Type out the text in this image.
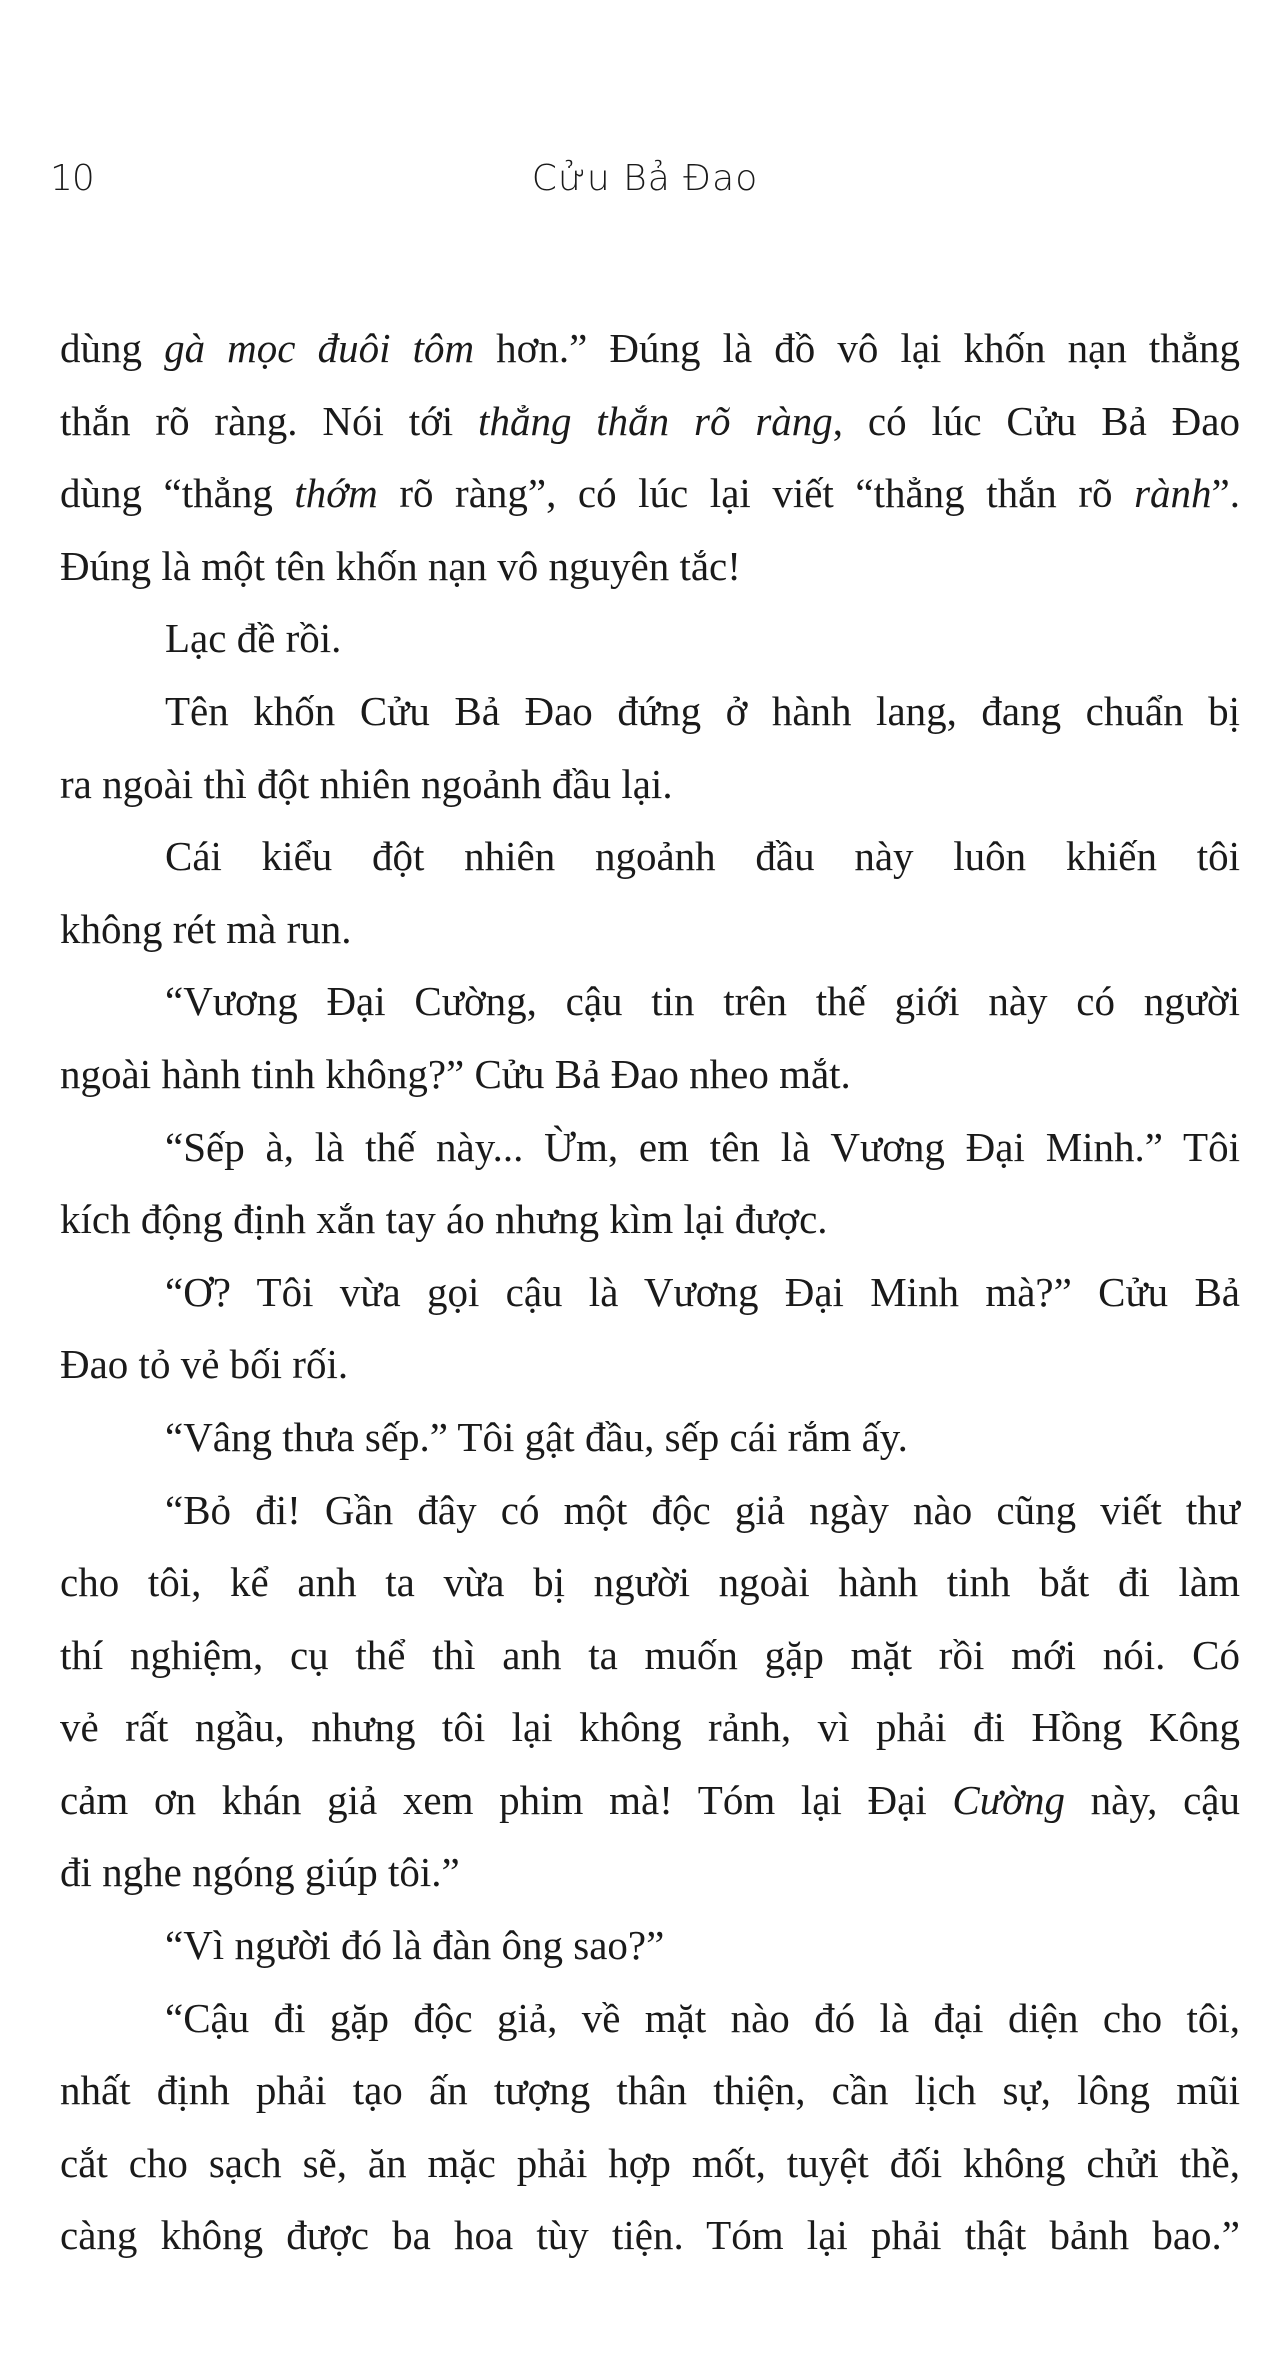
10	Cửu Bả Đao
dùng gà mọc đuôi tôm hơn.” Đúng là đồ vô lại khốn nạn thẳng
thắn rõ ràng. Nói tới thẳng thắn rõ ràng, có lúc Cửu Bả Đao
dùng “thẳng thớm rõ ràng”, có lúc lại viết “thẳng thắn rõ rành”.
Đúng là một tên khốn nạn vô nguyên tắc!
Lạc đề rồi.
Tên khốn Cửu Bả Đao đứng ở hành lang, đang chuẩn bị
ra ngoài thì đột nhiên ngoảnh đầu lại.
Cái kiểu đột nhiên ngoảnh đầu này luôn khiến tôi
không rét mà run.
“Vương Đại Cường, cậu tin trên thế giới này có người
ngoài hành tinh không?” Cửu Bả Đao nheo mắt.
“Sếp à, là thế này... Ừm, em tên là Vương Đại Minh.” Tôi
kích động định xắn tay áo nhưng kìm lại được.
“Ơ? Tôi vừa gọi cậu là Vương Đại Minh mà?” Cửu Bả
Đao tỏ vẻ bối rối.
“Vâng thưa sếp.” Tôi gật đầu, sếp cái rắm ấy.
“Bỏ đi! Gần đây có một độc giả ngày nào cũng viết thư
cho tôi, kể anh ta vừa bị người ngoài hành tinh bắt đi làm
thí nghiệm, cụ thể thì anh ta muốn gặp mặt rồi mới nói. Có
vẻ rất ngầu, nhưng tôi lại không rảnh, vì phải đi Hồng Kông
cảm ơn khán giả xem phim mà! Tóm lại Đại Cường này, cậu
đi nghe ngóng giúp tôi.”
“Vì người đó là đàn ông sao?”
“Cậu đi gặp độc giả, về mặt nào đó là đại diện cho tôi,
nhất định phải tạo ấn tượng thân thiện, cần lịch sự, lông mũi
cắt cho sạch sẽ, ăn mặc phải hợp mốt, tuyệt đối không chửi thề,
càng không được ba hoa tùy tiện. Tóm lại phải thật bảnh bao.”
